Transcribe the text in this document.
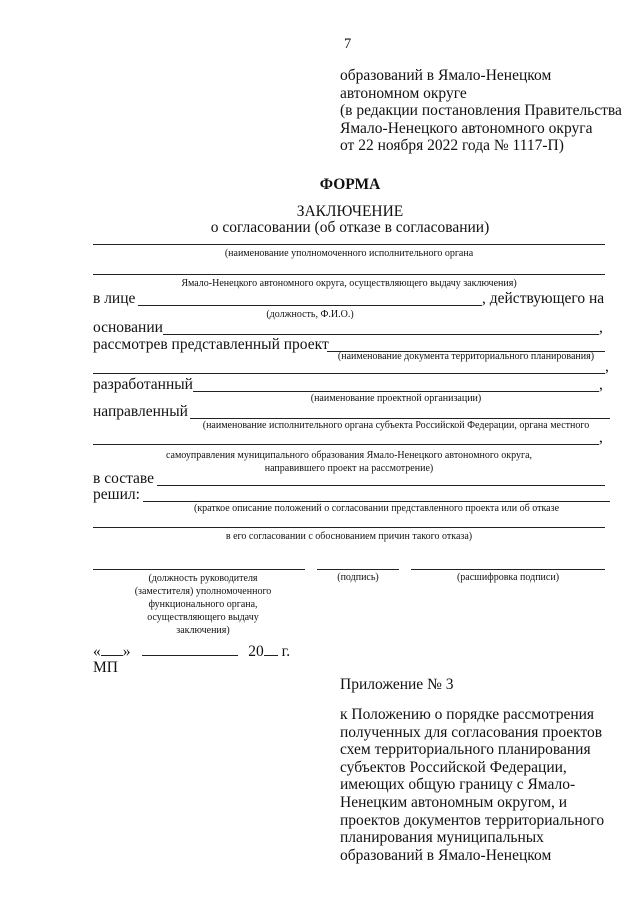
7
образований в Ямало-Ненецком
автономном округе
(в редакции постановления Правительства
Ямало-Ненецкого автономного округа
от 22 ноября 2022 года № 1117-П)
ФОРМА
ЗАКЛЮЧЕНИЕ
о согласовании (об отказе в согласовании)
(наименование уполномоченного исполнительного органа
Ямало-Ненецкого автономного округа, осуществляющего выдачу заключения)
в лице	, действующего на
(должность, Ф.И.О.)
основании	,
рассмотрев представленный проект
(наименование документа территориального планирования)
,
разработанный	,
(наименование проектной организации)
направленный
(наименование исполнительного органа субъекта Российской Федерации, органа местного
,
самоуправления муниципального образования Ямало-Ненецкого автономного округа,
направившего проект на рассмотрение)
в составе
решил:
(краткое описание положений о согласовании представленного проекта или об отказе
в его согласовании с обоснованием причин такого отказа)
(должность руководителя
(заместителя) уполномоченного
функционального органа,
осуществляющего выдачу
заключения)
(подпись)	(расшифровка подписи)
« »	20 г.
МП
Приложение № 3
к Положению о порядке рассмотрения
полученных для согласования проектов
схем территориального планирования
субъектов Российской Федерации,
имеющих общую границу с Ямало-
Ненецким автономным округом, и
проектов документов территориального
планирования муниципальных
образований в Ямало-Ненецком
